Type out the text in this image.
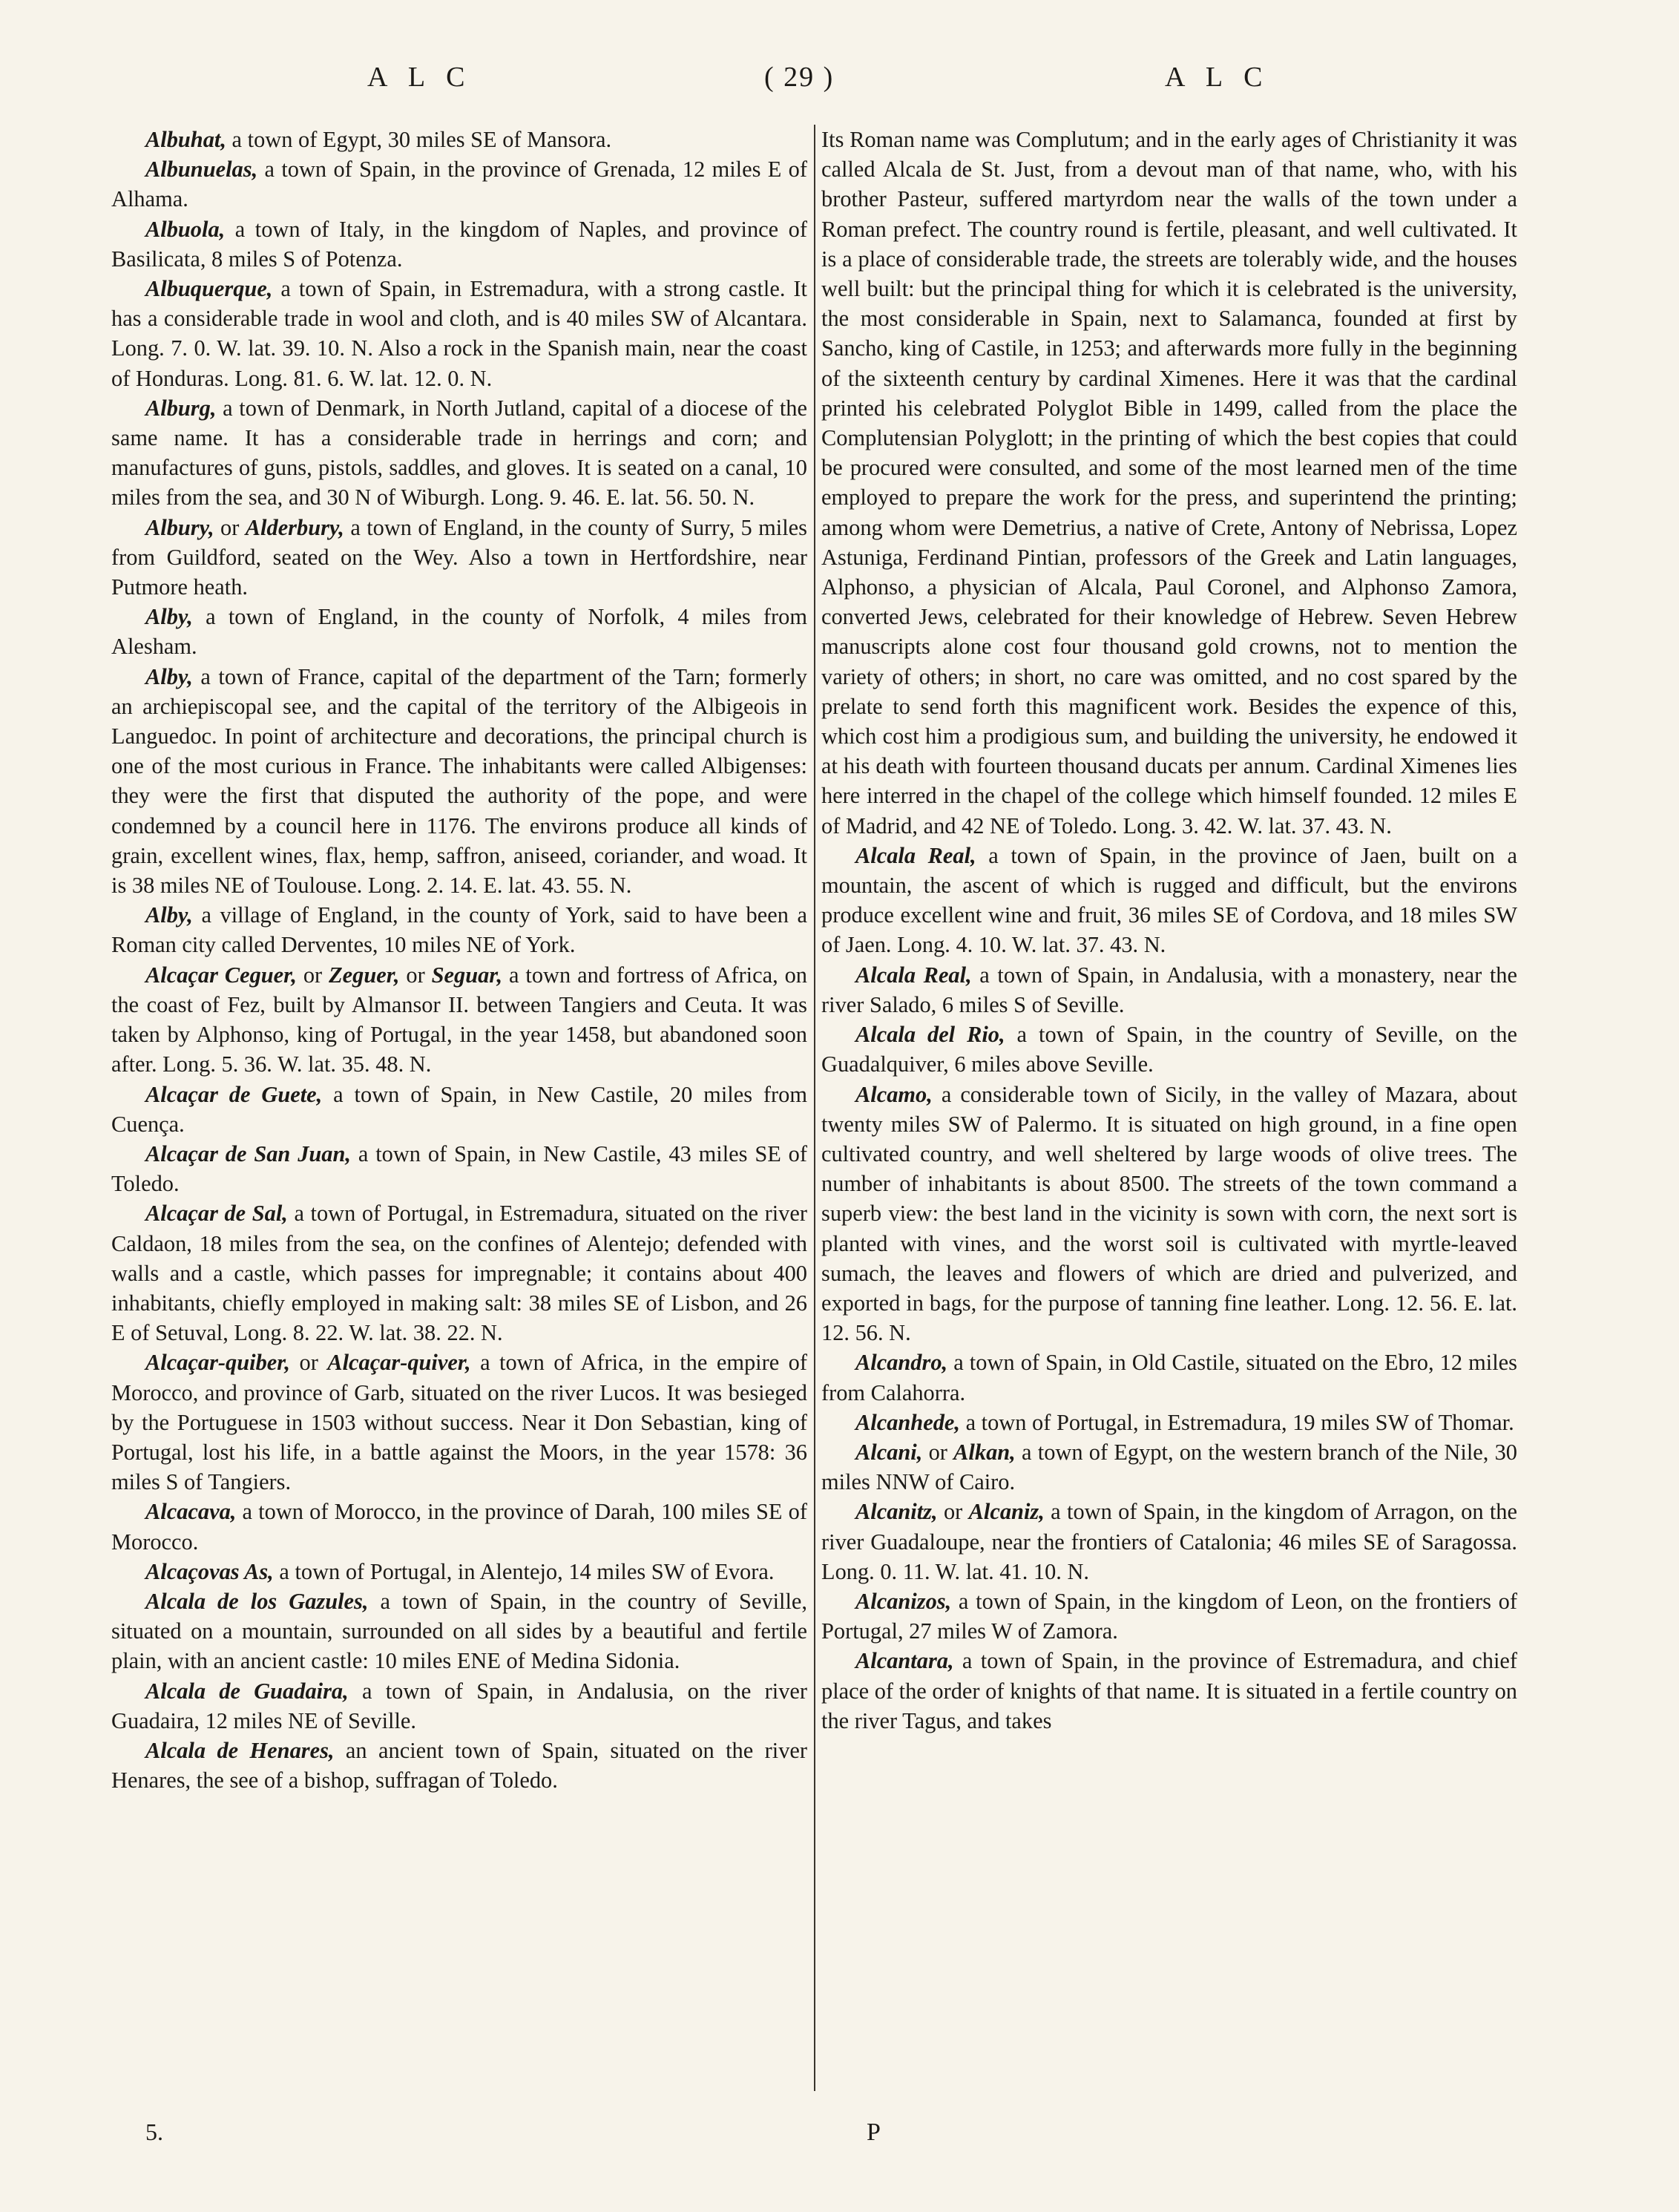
A L C	( 29 )	A L C

Albuhat, a town of Egypt, 30 miles SE of Mansora.

Albunuelas, a town of Spain, in the province of Grenada, 12 miles E of Alhama.

Albuola, a town of Italy, in the kingdom of Naples, and province of Basilicata, 8 miles S of Potenza.

Albuquerque, a town of Spain, in Estremadura, with a strong castle. It has a considerable trade in wool and cloth, and is 40 miles SW of Alcantara. Long. 7. 0. W. lat. 39. 10. N. Also a rock in the Spanish main, near the coast of Honduras. Long. 81. 6. W. lat. 12. 0. N.

Alburg, a town of Denmark, in North Jutland, capital of a diocese of the same name. It has a considerable trade in herrings and corn; and manufactures of guns, pistols, saddles, and gloves. It is seated on a canal, 10 miles from the sea, and 30 N of Wiburgh. Long. 9. 46. E. lat. 56. 50. N.

Albury, or Alderbury, a town of England, in the county of Surry, 5 miles from Guildford, seated on the Wey. Also a town in Hertfordshire, near Putmore heath.

Alby, a town of England, in the county of Norfolk, 4 miles from Alesham.

Alby, a town of France, capital of the department of the Tarn; formerly an archiepiscopal see, and the capital of the territory of the Albigeois in Languedoc. In point of architecture and decorations, the principal church is one of the most curious in France. The inhabitants were called Albigenses: they were the first that disputed the authority of the pope, and were condemned by a council here in 1176. The environs produce all kinds of grain, excellent wines, flax, hemp, saffron, aniseed, coriander, and woad. It is 38 miles NE of Toulouse. Long. 2. 14. E. lat. 43. 55. N.

Alby, a village of England, in the county of York, said to have been a Roman city called Derventes, 10 miles NE of York.

Alcaçar Ceguer, or Zeguer, or Seguar, a town and fortress of Africa, on the coast of Fez, built by Almansor II. between Tangiers and Ceuta. It was taken by Alphonso, king of Portugal, in the year 1458, but abandoned soon after. Long. 5. 36. W. lat. 35. 48. N.

Alcaçar de Guete, a town of Spain, in New Castile, 20 miles from Cuença.

Alcaçar de San Juan, a town of Spain, in New Castile, 43 miles SE of Toledo.

Alcaçar de Sal, a town of Portugal, in Estremadura, situated on the river Caldaon, 18 miles from the sea, on the confines of Alentejo; defended with walls and a castle, which passes for impregnable; it contains about 400 inhabitants, chiefly employed in making salt: 38 miles SE of Lisbon, and 26 E of Setuval, Long. 8. 22. W. lat. 38. 22. N.

Alcaçar-quiber, or Alcaçar-quiver, a town of Africa, in the empire of Morocco, and province of Garb, situated on the river Lucos. It was besieged by the Portuguese in 1503 without success. Near it Don Sebastian, king of Portugal, lost his life, in a battle against the Moors, in the year 1578: 36 miles S of Tangiers.

Alcacava, a town of Morocco, in the province of Darah, 100 miles SE of Morocco.

Alcaçovas As, a town of Portugal, in Alentejo, 14 miles SW of Evora.

Alcala de los Gazules, a town of Spain, in the country of Seville, situated on a mountain, surrounded on all sides by a beautiful and fertile plain, with an ancient castle: 10 miles ENE of Medina Sidonia.

Alcala de Guadaira, a town of Spain, in Andalusia, on the river Guadaira, 12 miles NE of Seville.

Alcala de Henares, an ancient town of Spain, situated on the river Henares, the see of a bishop, suffragan of Toledo.

Its Roman name was Complutum; and in the early ages of Christianity it was called Alcala de St. Just, from a devout man of that name, who, with his brother Pasteur, suffered martyrdom near the walls of the town under a Roman prefect. The country round is fertile, pleasant, and well cultivated. It is a place of considerable trade, the streets are tolerably wide, and the houses well built: but the principal thing for which it is celebrated is the university, the most considerable in Spain, next to Salamanca, founded at first by Sancho, king of Castile, in 1253; and afterwards more fully in the beginning of the sixteenth century by cardinal Ximenes. Here it was that the cardinal printed his celebrated Polyglot Bible in 1499, called from the place the Complutensian Polyglott; in the printing of which the best copies that could be procured were consulted, and some of the most learned men of the time employed to prepare the work for the press, and superintend the printing; among whom were Demetrius, a native of Crete, Antony of Nebrissa, Lopez Astuniga, Ferdinand Pintian, professors of the Greek and Latin languages, Alphonso, a physician of Alcala, Paul Coronel, and Alphonso Zamora, converted Jews, celebrated for their knowledge of Hebrew. Seven Hebrew manuscripts alone cost four thousand gold crowns, not to mention the variety of others; in short, no care was omitted, and no cost spared by the prelate to send forth this magnificent work. Besides the expence of this, which cost him a prodigious sum, and building the university, he endowed it at his death with fourteen thousand ducats per annum. Cardinal Ximenes lies here interred in the chapel of the college which himself founded. 12 miles E of Madrid, and 42 NE of Toledo. Long. 3. 42. W. lat. 37. 43. N.

Alcala Real, a town of Spain, in the province of Jaen, built on a mountain, the ascent of which is rugged and difficult, but the environs produce excellent wine and fruit, 36 miles SE of Cordova, and 18 miles SW of Jaen. Long. 4. 10. W. lat. 37. 43. N.

Alcala Real, a town of Spain, in Andalusia, with a monastery, near the river Salado, 6 miles S of Seville.

Alcala del Rio, a town of Spain, in the country of Seville, on the Guadalquiver, 6 miles above Seville.

Alcamo, a considerable town of Sicily, in the valley of Mazara, about twenty miles SW of Palermo. It is situated on high ground, in a fine open cultivated country, and well sheltered by large woods of olive trees. The number of inhabitants is about 8500. The streets of the town command a superb view: the best land in the vicinity is sown with corn, the next sort is planted with vines, and the worst soil is cultivated with myrtle-leaved sumach, the leaves and flowers of which are dried and pulverized, and exported in bags, for the purpose of tanning fine leather. Long. 12. 56. E. lat. 12. 56. N.

Alcandro, a town of Spain, in Old Castile, situated on the Ebro, 12 miles from Calahorra.

Alcanhede, a town of Portugal, in Estremadura, 19 miles SW of Thomar.

Alcani, or Alkan, a town of Egypt, on the western branch of the Nile, 30 miles NNW of Cairo.

Alcanitz, or Alcaniz, a town of Spain, in the kingdom of Arragon, on the river Guadaloupe, near the frontiers of Catalonia; 46 miles SE of Saragossa. Long. 0. 11. W. lat. 41. 10. N.

Alcanizos, a town of Spain, in the kingdom of Leon, on the frontiers of Portugal, 27 miles W of Zamora.

Alcantara, a town of Spain, in the province of Estremadura, and chief place of the order of knights of that name. It is situated in a fertile country on the river Tagus, and takes

5.	P
